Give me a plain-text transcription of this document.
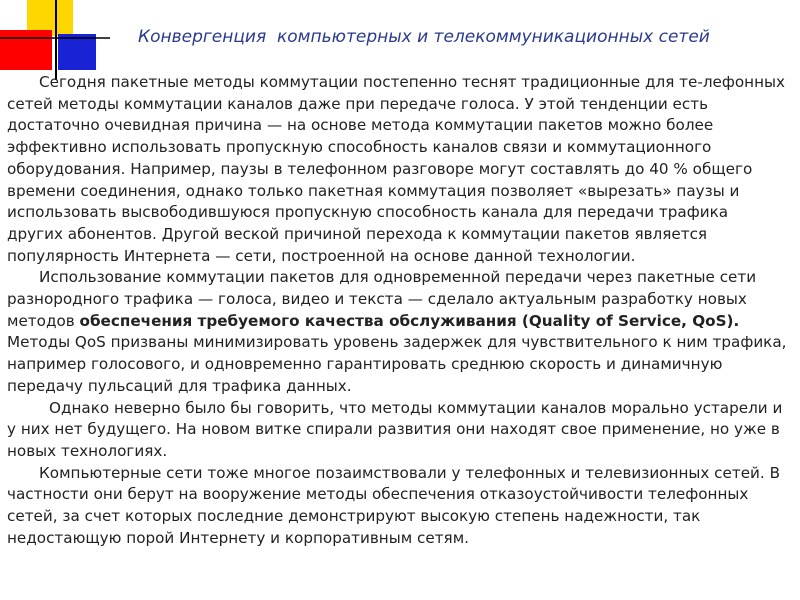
Конвергенция  компьютерных и телекоммуникационных сетей

Сегодня пакетные методы коммутации постепенно теснят традиционные для те-лефонных сетей методы коммутации каналов даже при передаче голоса. У этой тенденции есть достаточно очевидная причина — на основе метода коммутации пакетов можно более эффективно использовать пропускную способность каналов связи и коммутационного оборудования. Например, паузы в телефонном разговоре могут составлять до 40 % общего времени соединения, однако только пакетная коммутация позволяет «вырезать» паузы и использовать высвободившуюся пропускную способность канала для передачи трафика других абонентов. Другой веской причиной перехода к коммутации пакетов является популярность Интернета — сети, построенной на основе данной технологии.

Использование коммутации пакетов для одновременной передачи через пакетные сети разнородного трафика — голоса, видео и текста — сделало актуальным разработку новых методов обеспечения требуемого качества обслуживания (Quality of Service, QoS). Методы QoS призваны минимизировать уровень задержек для чувствительного к ним трафика, например голосового, и одновременно гарантировать среднюю скорость и динамичную передачу пульсаций для трафика данных.

Однако неверно было бы говорить, что методы коммутации каналов морально устарели и у них нет будущего. На новом витке спирали развития они находят свое применение, но уже в новых технологиях.

Компьютерные сети тоже многое позаимствовали у телефонных и телевизионных сетей. В частности они берут на вооружение методы обеспечения отказоустойчивости телефонных сетей, за счет которых последние демонстрируют высокую степень надежности, так недостающую порой Интернету и корпоративным сетям.
